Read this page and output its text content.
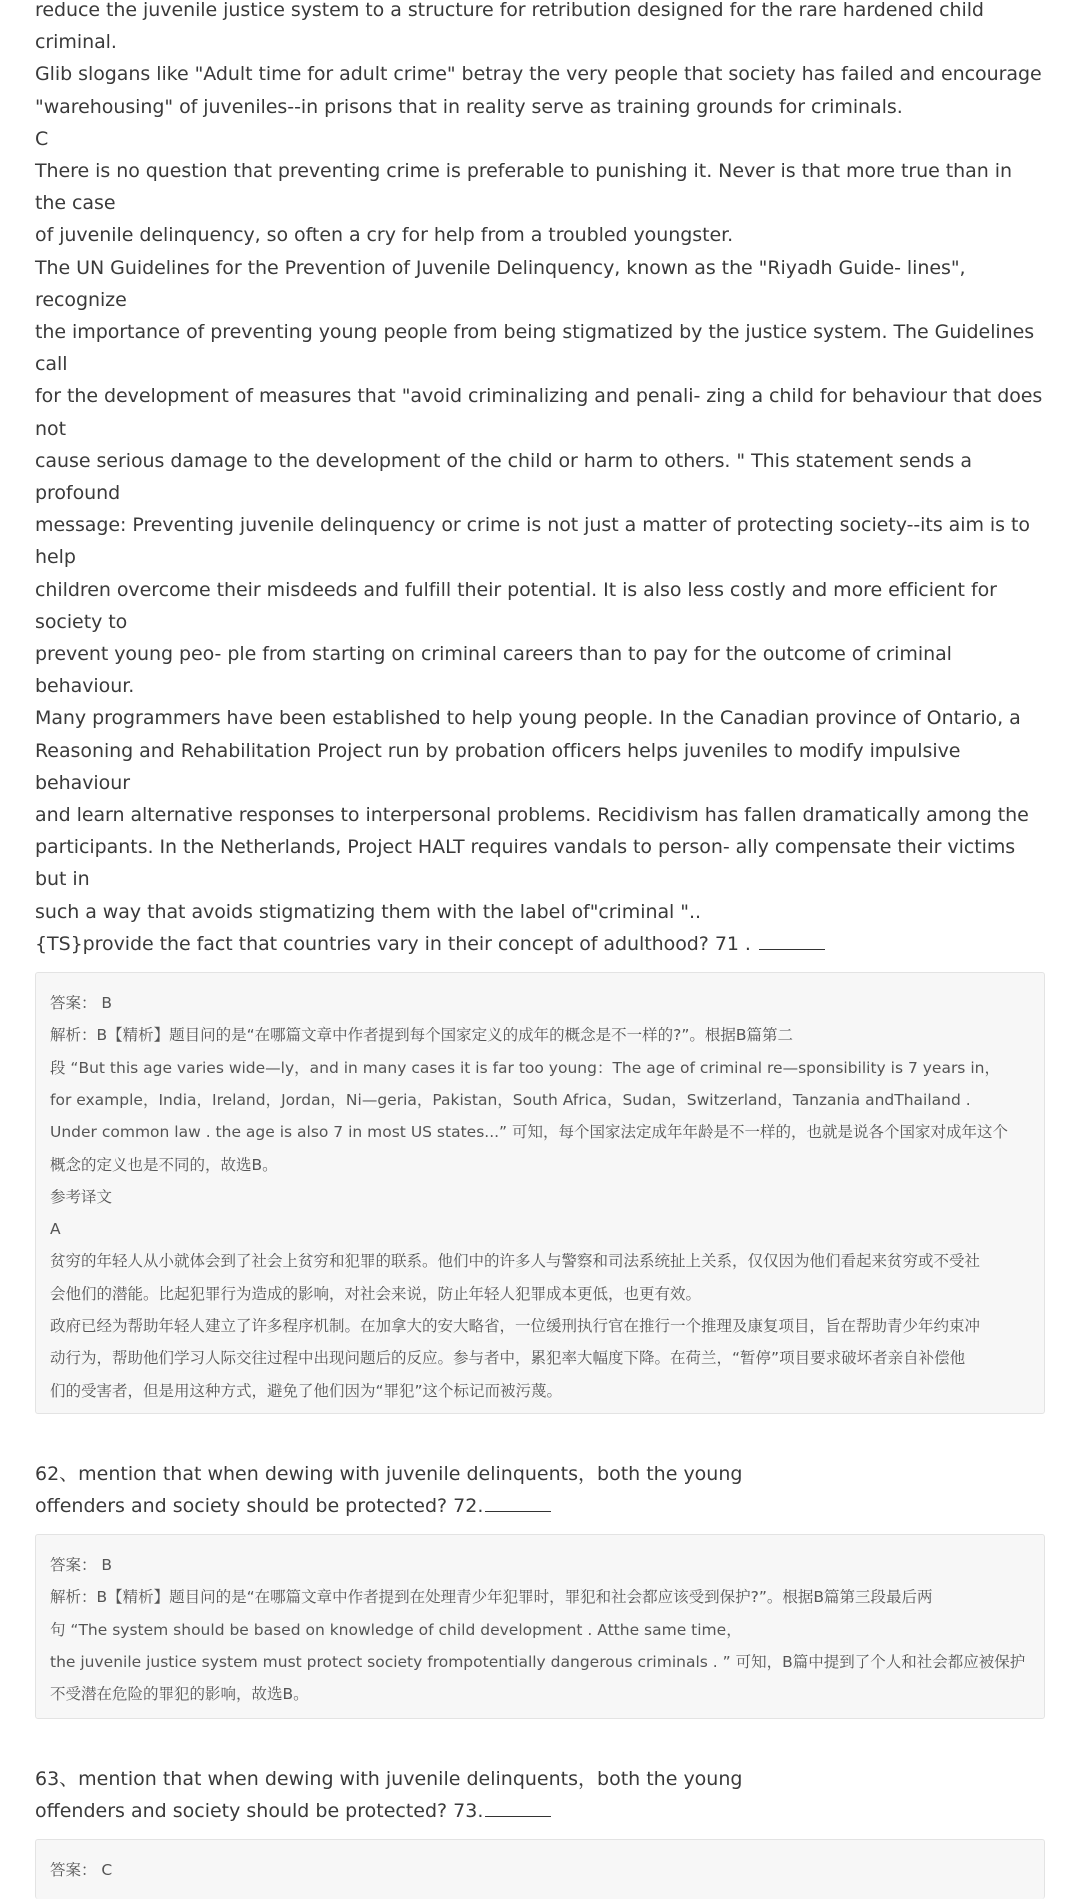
reduce the juvenile justice system to a structure for retribution designed for the rare hardened child criminal.

Glib slogans like "Adult time for adult crime" betray the very people that society has failed and encourage

"warehousing" of juveniles--in prisons that in reality serve as training grounds for criminals.

C

There is no question that preventing crime is preferable to punishing it. Never is that more true than in the case

of juvenile delinquency, so often a cry for help from a troubled youngster.

The UN Guidelines for the Prevention of Juvenile Delinquency, known as the "Riyadh Guide- lines", recognize

the importance of preventing young people from being stigmatized by the justice system. The Guidelines call

for the development of measures that "avoid criminalizing and penali- zing a child for behaviour that does not

cause serious damage to the development of the child or harm to others. " This statement sends a profound

message: Preventing juvenile delinquency or crime is not just a matter of protecting society--its aim is to help

children overcome their misdeeds and fulfill their potential. It is also less costly and more efficient for society to

prevent young peo- ple from starting on criminal careers than to pay for the outcome of criminal behaviour.

Many programmers have been established to help young people. In the Canadian province of Ontario, a

Reasoning and Rehabilitation Project run by probation officers helps juveniles to modify impulsive behaviour

and learn alternative responses to interpersonal problems. Recidivism has fallen dramatically among the

participants. In the Netherlands, Project HALT requires vandals to person- ally compensate their victims but in

such a way that avoids stigmatizing them with the label of"criminal "..

{TS}provide the fact that countries vary in their concept of adulthood? 71 .

答案： B

解析：B【精析】题目问的是“在哪篇文章中作者提到每个国家定义的成年的概念是不一样的?”。根据B篇第二

段 “But this age varies wide—ly，and in many cases it is far too young：The age of criminal re—sponsibility is 7 years in，

for example，India，Ireland，Jordan，Ni—geria，Pakistan，South Africa，Sudan，Switzerland，Tanzania andThailand .

Under common law . the age is also 7 in most US states...” 可知，每个国家法定成年年龄是不一样的，也就是说各个国家对成年这个

概念的定义也是不同的，故选B。

参考译文

A

贫穷的年轻人从小就体会到了社会上贫穷和犯罪的联系。他们中的许多人与警察和司法系统扯上关系，仅仅因为他们看起来贫穷或不受社

会他们的潜能。比起犯罪行为造成的影响，对社会来说，防止年轻人犯罪成本更低，也更有效。

政府已经为帮助年轻人建立了许多程序机制。在加拿大的安大略省，一位缓刑执行官在推行一个推理及康复项目，旨在帮助青少年约束冲

动行为，帮助他们学习人际交往过程中出现问题后的反应。参与者中，累犯率大幅度下降。在荷兰，“暂停”项目要求破坏者亲自补偿他

们的受害者，但是用这种方式，避免了他们因为“罪犯”这个标记而被污蔑。

62、mention that when dewing with juvenile delinquents，both the young

offenders and society should be protected? 72.

答案： B

解析：B【精析】题目问的是“在哪篇文章中作者提到在处理青少年犯罪时，罪犯和社会都应该受到保护?”。根据B篇第三段最后两

句 “The system should be based on knowledge of child development . Atthe same time，

the juvenile justice system must protect society frompotentially dangerous criminals . ” 可知，B篇中提到了个人和社会都应被保护

不受潜在危险的罪犯的影响，故选B。

63、mention that when dewing with juvenile delinquents，both the young

offenders and society should be protected? 73.

答案： C
